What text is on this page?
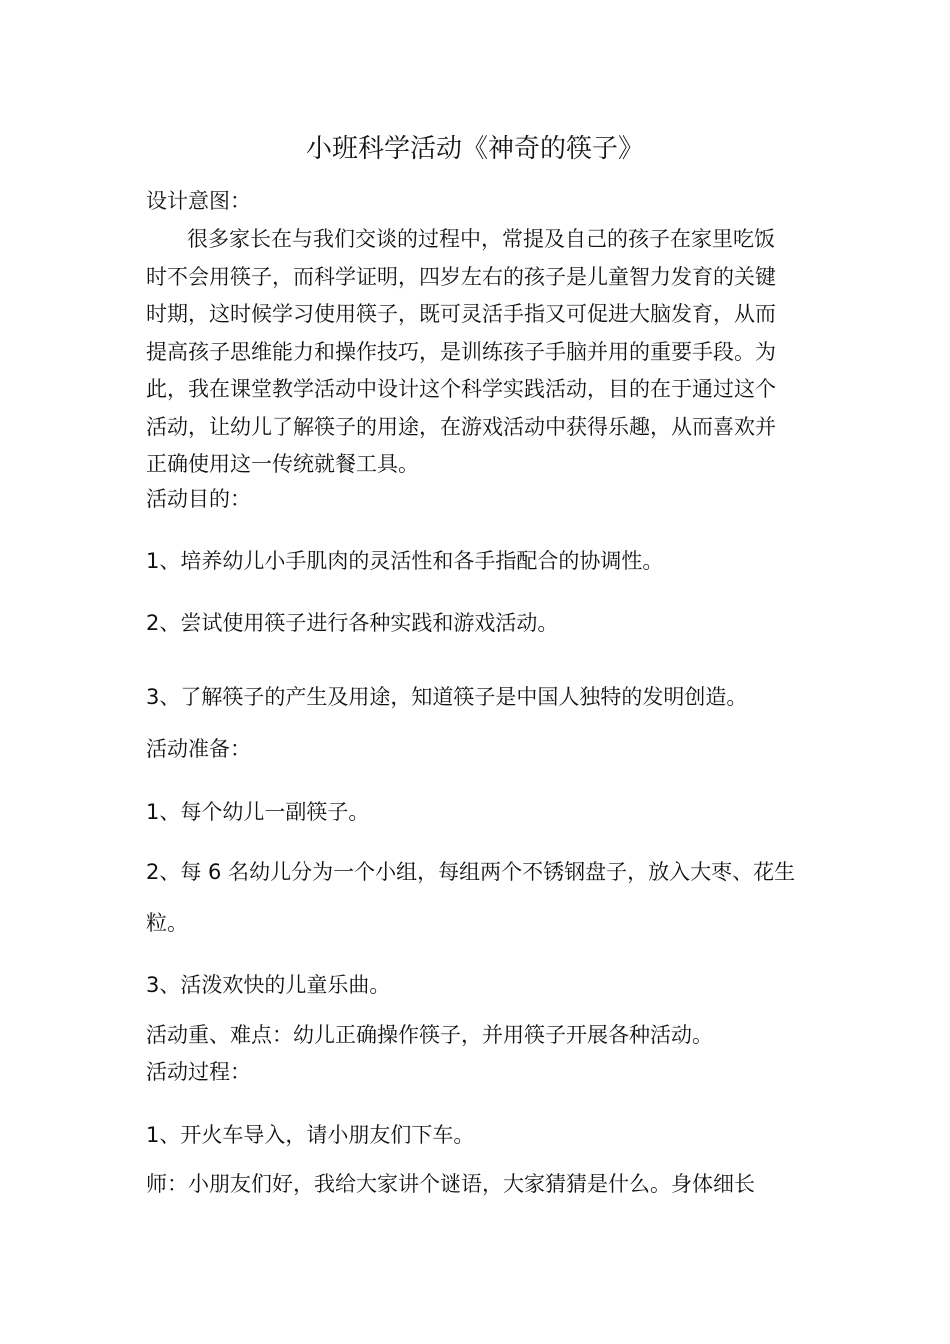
小班科学活动《神奇的筷子》
设计意图：
很多家长在与我们交谈的过程中，常提及自己的孩子在家里吃饭
时不会用筷子，而科学证明，四岁左右的孩子是儿童智力发育的关键
时期，这时候学习使用筷子，既可灵活手指又可促进大脑发育，从而
提高孩子思维能力和操作技巧，是训练孩子手脑并用的重要手段。为
此，我在课堂教学活动中设计这个科学实践活动，目的在于通过这个
活动，让幼儿了解筷子的用途，在游戏活动中获得乐趣，从而喜欢并
正确使用这一传统就餐工具。
活动目的：
1、培养幼儿小手肌肉的灵活性和各手指配合的协调性。
2、尝试使用筷子进行各种实践和游戏活动。
3、了解筷子的产生及用途，知道筷子是中国人独特的发明创造。
活动准备：
1、每个幼儿一副筷子。
2、每 6 名幼儿分为一个小组，每组两个不锈钢盘子，放入大枣、花生
粒。
3、活泼欢快的儿童乐曲。
活动重、难点：幼儿正确操作筷子，并用筷子开展各种活动。
活动过程：
1、开火车导入，请小朋友们下车。
师：小朋友们好，我给大家讲个谜语，大家猜猜是什么。身体细长
